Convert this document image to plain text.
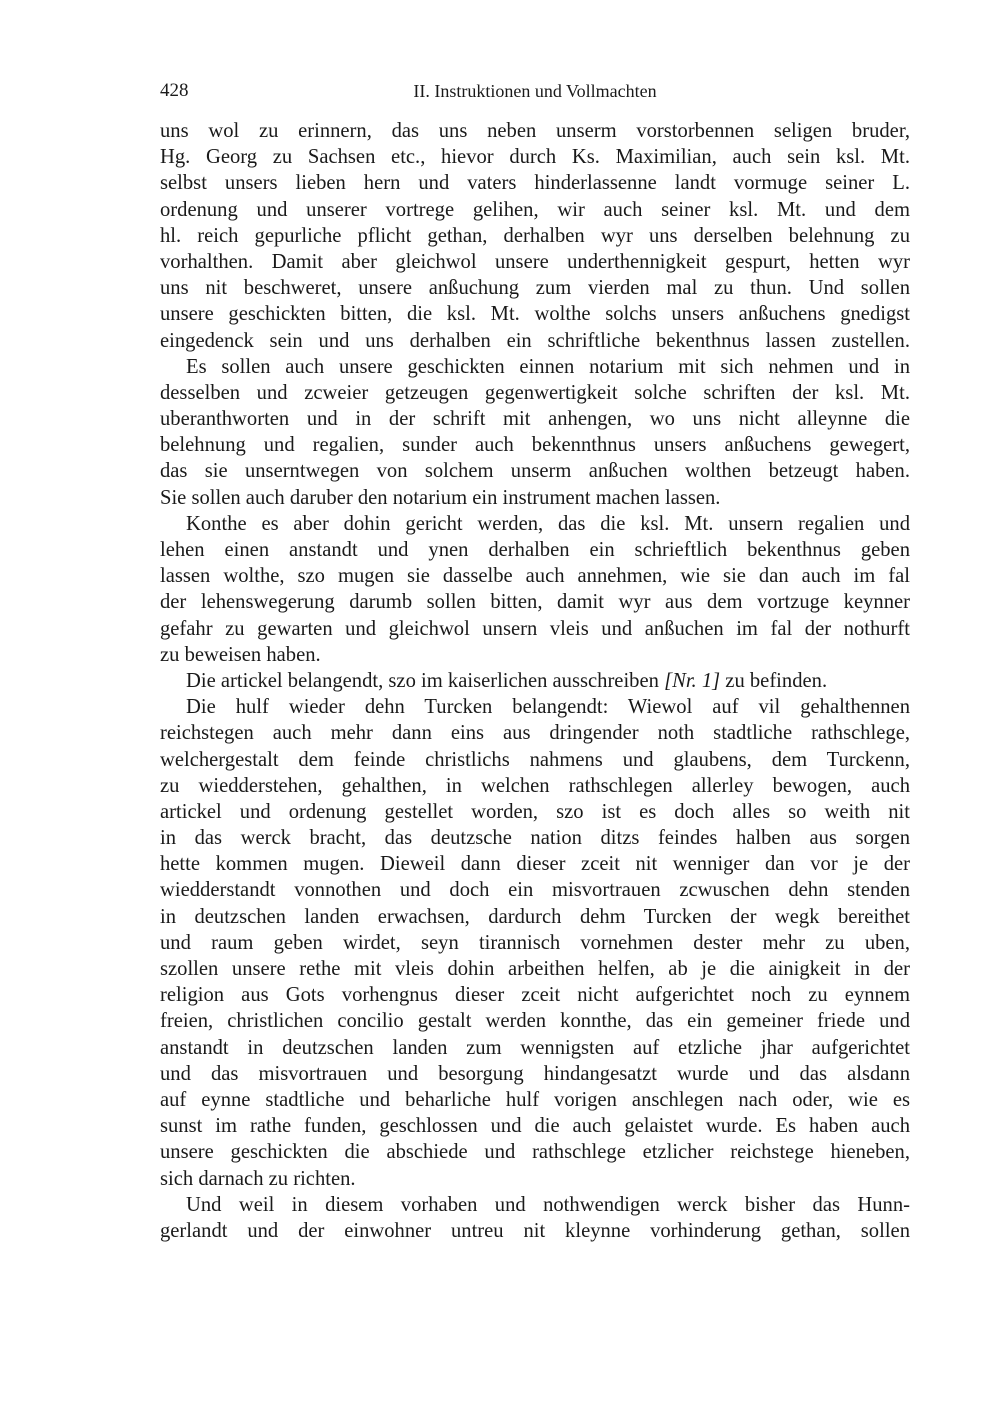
428	II. Instruktionen und Vollmachten
uns wol zu erinnern, das uns neben unserm vorstorbennen seligen bruder,
Hg. Georg zu Sachsen etc., hievor durch Ks. Maximilian, auch sein ksl. Mt.
selbst unsers lieben hern und vaters hinderlassenne landt vormuge seiner L.
ordenung und unserer vortrege gelihen, wir auch seiner ksl. Mt. und dem
hl. reich gepurliche pflicht gethan, derhalben wyr uns derselben belehnung zu
vorhalthen. Damit aber gleichwol unsere underthennigkeit gespurt, hetten wyr
uns nit beschweret, unsere anßuchung zum vierden mal zu thun. Und sollen
unsere geschickten bitten, die ksl. Mt. wolthe solchs unsers anßuchens gnedigst
eingedenck sein und uns derhalben ein schriftliche bekenthnus lassen zustellen.
Es sollen auch unsere geschickten einnen notarium mit sich nehmen und in
desselben und zcweier getzeugen gegenwertigkeit solche schriften der ksl. Mt.
uberanthworten und in der schrift mit anhengen, wo uns nicht alleynne die
belehnung und regalien, sunder auch bekennthnus unsers anßuchens gewegert,
das sie unserntwegen von solchem unserm anßuchen wolthen betzeugt haben.
Sie sollen auch daruber den notarium ein instrument machen lassen.
Konthe es aber dohin gericht werden, das die ksl. Mt. unsern regalien und
lehen einen anstandt und ynen derhalben ein schrieftlich bekenthnus geben
lassen wolthe, szo mugen sie dasselbe auch annehmen, wie sie dan auch im fal
der lehenswegerung darumb sollen bitten, damit wyr aus dem vortzuge keynner
gefahr zu gewarten und gleichwol unsern vleis und anßuchen im fal der nothurft
zu beweisen haben.
Die artickel belangendt, szo im kaiserlichen ausschreiben [Nr. 1] zu befinden.
Die hulf wieder dehn Turcken belangendt: Wiewol auf vil gehalthennen
reichstegen auch mehr dann eins aus dringender noth stadtliche rathschlege,
welchergestalt dem feinde christlichs nahmens und glaubens, dem Turckenn,
zu wiedderstehen, gehalthen, in welchen rathschlegen allerley bewogen, auch
artickel und ordenung gestellet worden, szo ist es doch alles so weith nit
in das werck bracht, das deutzsche nation ditzs feindes halben aus sorgen
hette kommen mugen. Dieweil dann dieser zceit nit wenniger dan vor je der
wiedderstandt vonnothen und doch ein misvortrauen zcwuschen dehn stenden
in deutzschen landen erwachsen, dardurch dehm Turcken der wegk bereithet
und raum geben wirdet, seyn tirannisch vornehmen dester mehr zu uben,
szollen unsere rethe mit vleis dohin arbeithen helfen, ab je die ainigkeit in der
religion aus Gots vorhengnus dieser zceit nicht aufgerichtet noch zu eynnem
freien, christlichen concilio gestalt werden konnthe, das ein gemeiner friede und
anstandt in deutzschen landen zum wennigsten auf etzliche jhar aufgerichtet
und das misvortrauen und besorgung hindangesatzt wurde und das alsdann
auf eynne stadtliche und beharliche hulf vorigen anschlegen nach oder, wie es
sunst im rathe funden, geschlossen und die auch gelaistet wurde. Es haben auch
unsere geschickten die abschiede und rathschlege etzlicher reichstege hieneben,
sich darnach zu richten.
Und weil in diesem vorhaben und nothwendigen werck bisher das Hunn-
gerlandt und der einwohner untreu nit kleynne vorhinderung gethan, sollen
